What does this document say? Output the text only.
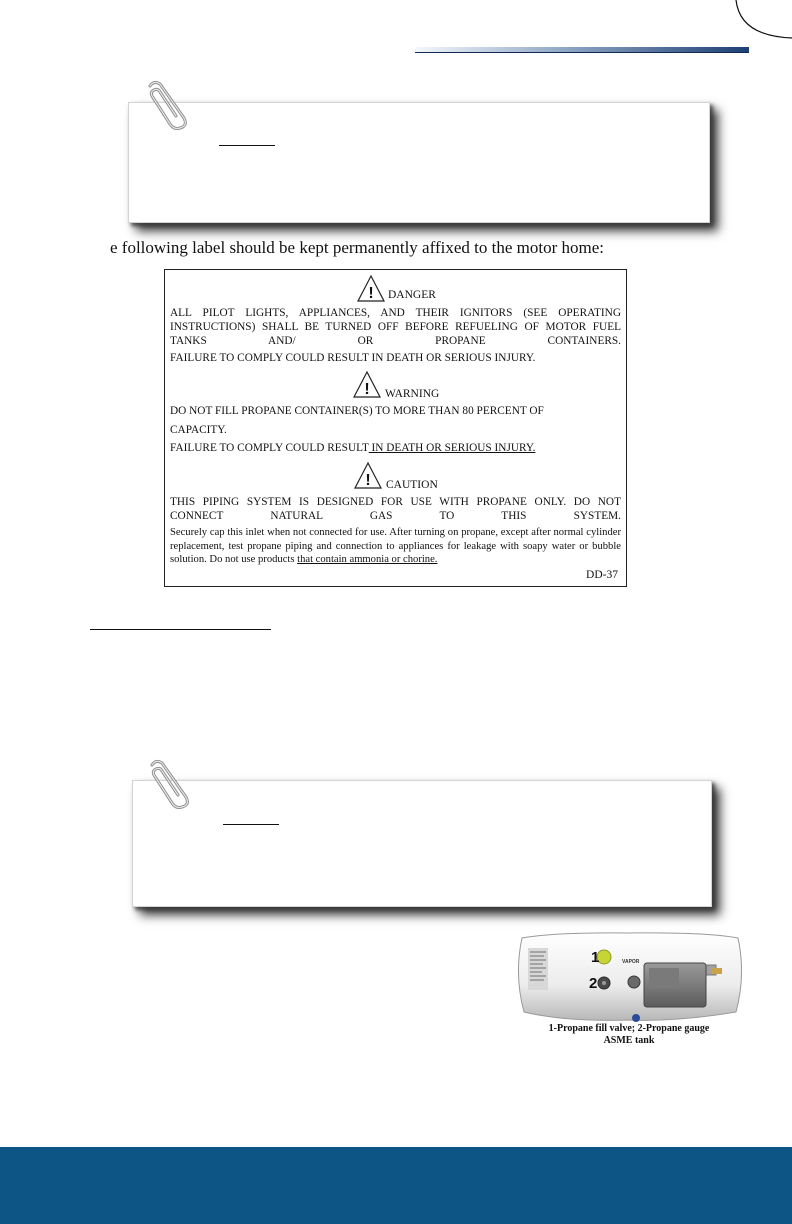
e following label should be kept permanently affixed to the motor home:
! DANGER
ALL PILOT LIGHTS, APPLIANCES, AND THEIR IGNITORS (SEE OPERATING INSTRUCTIONS) SHALL BE TURNED OFF BEFORE REFUELING OF MOTOR FUEL TANKS AND/ OR PROPANE CONTAINERS.
FAILURE TO COMPLY COULD RESULT IN DEATH OR SERIOUS INJURY.
! WARNING
DO NOT FILL PROPANE CONTAINER(S) TO MORE THAN 80 PERCENT OF
CAPACITY.
FAILURE TO COMPLY COULD RESULT IN DEATH OR SERIOUS INJURY.
! CAUTION
THIS PIPING SYSTEM IS DESIGNED FOR USE WITH PROPANE ONLY. DO NOT CONNECT NATURAL GAS TO THIS SYSTEM.
Securely cap this inlet when not connected for use. After turning on propane, except after normal cylinder replacement, test propane piping and connection to appliances for leakage with soapy water or bubble solution. Do not use products that contain ammonia or chorine.
DD-37
1
2
VAPOR
1-Propane fill valve; 2-Propane gauge
ASME tank
